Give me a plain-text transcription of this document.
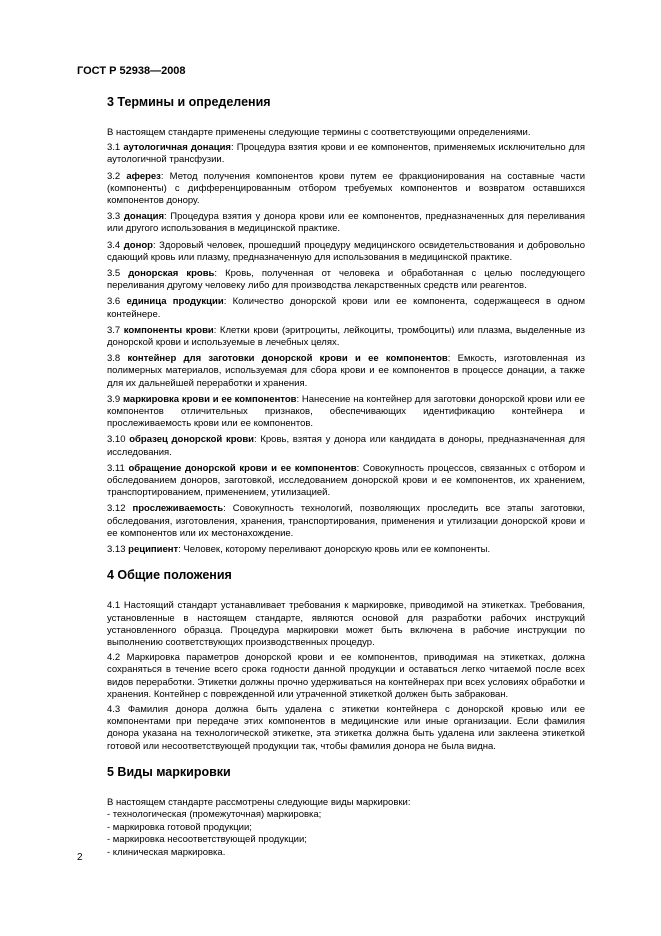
ГОСТ Р 52938—2008
3 Термины и определения

В настоящем стандарте применены следующие термины с соответствующими определениями.

3.1 аутологичная донация: Процедура взятия крови и ее компонентов, применяемых исключительно для аутологичной трансфузии.

3.2 аферез: Метод получения компонентов крови путем ее фракционирования на составные части (компоненты) с дифференцированным отбором требуемых компонентов и возвратом оставшихся компонентов донору.

3.3 донация: Процедура взятия у донора крови или ее компонентов, предназначенных для переливания или другого использования в медицинской практике.

3.4 донор: Здоровый человек, прошедший процедуру медицинского освидетельствования и добровольно сдающий кровь или плазму, предназначенную для использования в медицинской практике.

3.5 донорская кровь: Кровь, полученная от человека и обработанная с целью последующего переливания другому человеку либо для производства лекарственных средств или реагентов.

3.6 единица продукции: Количество донорской крови или ее компонента, содержащееся в одном контейнере.

3.7 компоненты крови: Клетки крови (эритроциты, лейкоциты, тромбоциты) или плазма, выделенные из донорской крови и используемые в лечебных целях.

3.8 контейнер для заготовки донорской крови и ее компонентов: Емкость, изготовленная из полимерных материалов, используемая для сбора крови и ее компонентов в процессе донации, а также для их дальнейшей переработки и хранения.

3.9 маркировка крови и ее компонентов: Нанесение на контейнер для заготовки донорской крови или ее компонентов отличительных признаков, обеспечивающих идентификацию контейнера и прослеживаемость крови или ее компонентов.

3.10 образец донорской крови: Кровь, взятая у донора или кандидата в доноры, предназначенная для исследования.

3.11 обращение донорской крови и ее компонентов: Совокупность процессов, связанных с отбором и обследованием доноров, заготовкой, исследованием донорской крови и ее компонентов, их хранением, транспортированием, применением, утилизацией.

3.12 прослеживаемость: Совокупность технологий, позволяющих проследить все этапы заготовки, обследования, изготовления, хранения, транспортирования, применения и утилизации донорской крови и ее компонентов или их местонахождение.

3.13 реципиент: Человек, которому переливают донорскую кровь или ее компоненты.

4 Общие положения

4.1 Настоящий стандарт устанавливает требования к маркировке, приводимой на этикетках. Требования, установленные в настоящем стандарте, являются основой для разработки рабочих инструкций установленного образца. Процедура маркировки может быть включена в рабочие инструкции по выполнению соответствующих производственных процедур.

4.2 Маркировка параметров донорской крови и ее компонентов, приводимая на этикетках, должна сохраняться в течение всего срока годности данной продукции и оставаться легко читаемой после всех видов переработки. Этикетки должны прочно удерживаться на контейнерах при всех условиях обработки и хранения. Контейнер с поврежденной или утраченной этикеткой должен быть забракован.

4.3 Фамилия донора должна быть удалена с этикетки контейнера с донорской кровью или ее компонентами при передаче этих компонентов в медицинские или иные организации. Если фамилия донора указана на технологической этикетке, эта этикетка должна быть удалена или заклеена этикеткой готовой или несоответствующей продукции так, чтобы фамилия донора не была видна.

5 Виды маркировки

В настоящем стандарте рассмотрены следующие виды маркировки:

- технологическая (промежуточная) маркировка;
- маркировка готовой продукции;
- маркировка несоответствующей продукции;
- клиническая маркировка.
2
